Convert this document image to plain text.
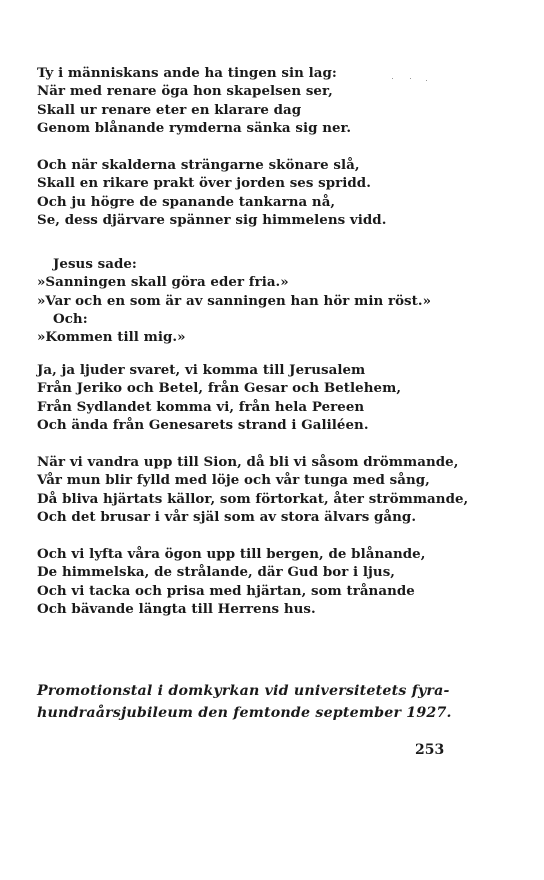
Ty i människans ande ha tingen sin lag:
När med renare öga hon skapelsen ser,
Skall ur renare eter en klarare dag
Genom blånande rymderna sänka sig ner.
Och när skalderna strängarne skönare slå,
Skall en rikare prakt över jorden ses spridd.
Och ju högre de spanande tankarna nå,
Se, dess djärvare spänner sig himmelens vidd.
Jesus sade:
»Sanningen skall göra eder fria.»
»Var och en som är av sanningen han hör min röst.»
Och:
»Kommen till mig.»
Ja, ja ljuder svaret, vi komma till Jerusalem
Från Jeriko och Betel, från Gesar och Betlehem,
Från Sydlandet komma vi, från hela Pereen
Och ända från Genesarets strand i Galiléen.
När vi vandra upp till Sion, då bli vi såsom drömmande,
Vår mun blir fylld med löje och vår tunga med sång,
Då bliva hjärtats källor, som förtorkat, åter strömmande,
Och det brusar i vår själ som av stora älvars gång.
Och vi lyfta våra ögon upp till bergen, de blånande,
De himmelska, de strålande, där Gud bor i ljus,
Och vi tacka och prisa med hjärtan, som trånande
Och bävande längta till Herrens hus.
Promotionstal i domkyrkan vid universitetets fyra-
hundraårsjubileum den femtonde september 1927.
253
